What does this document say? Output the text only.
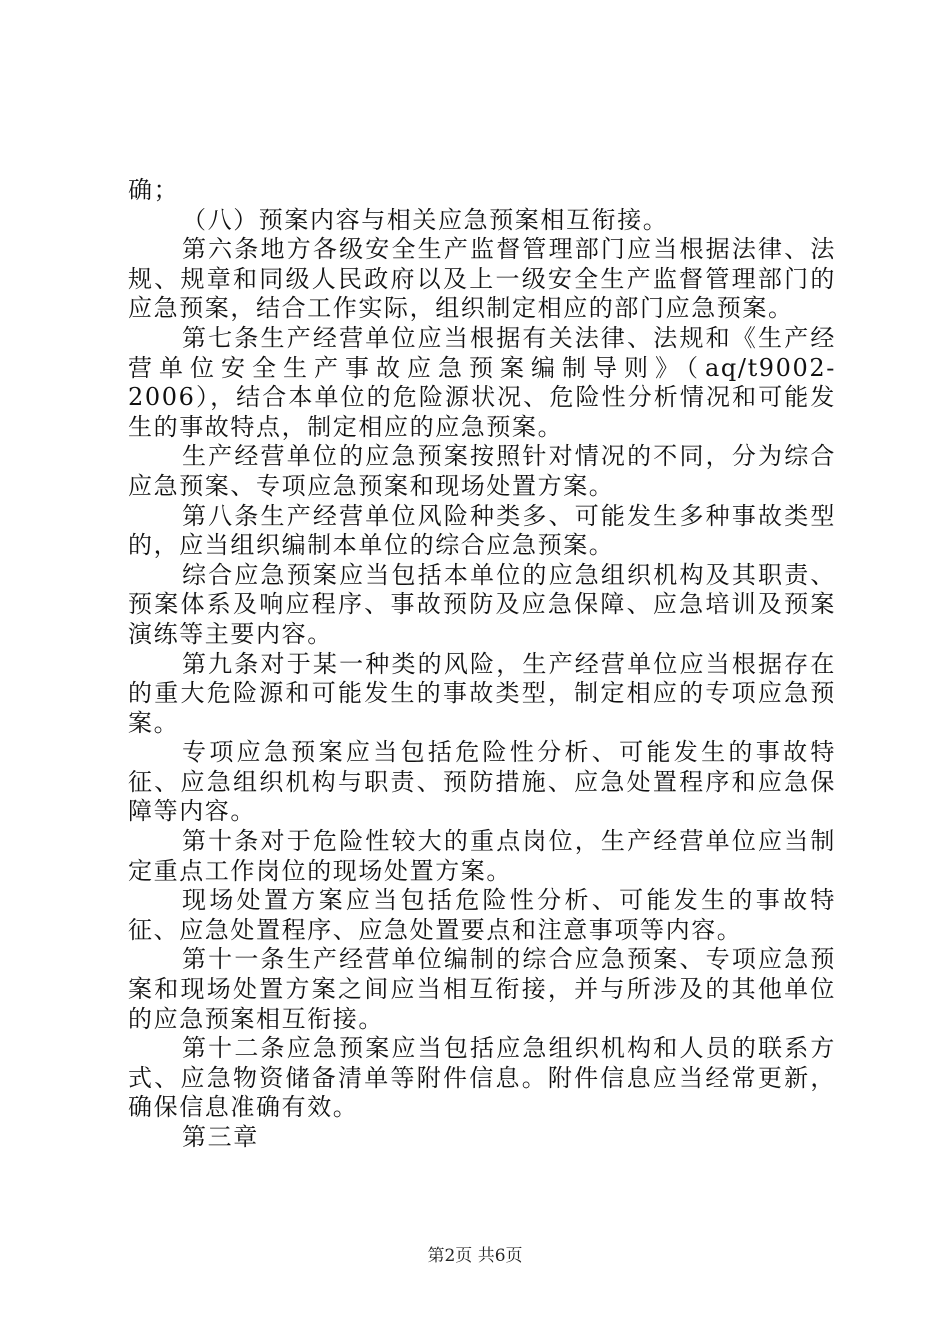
确；

（八）预案内容与相关应急预案相互衔接。

第六条地方各级安全生产监督管理部门应当根据法律、法规、规章和同级人民政府以及上一级安全生产监督管理部门的应急预案，结合工作实际，组织制定相应的部门应急预案。

第七条生产经营单位应当根据有关法律、法规和《生产经营单位安全生产事故应急预案编制导则》（aq/t9002-2006），结合本单位的危险源状况、危险性分析情况和可能发生的事故特点，制定相应的应急预案。

生产经营单位的应急预案按照针对情况的不同，分为综合应急预案、专项应急预案和现场处置方案。

第八条生产经营单位风险种类多、可能发生多种事故类型的，应当组织编制本单位的综合应急预案。

综合应急预案应当包括本单位的应急组织机构及其职责、预案体系及响应程序、事故预防及应急保障、应急培训及预案演练等主要内容。

第九条对于某一种类的风险，生产经营单位应当根据存在的重大危险源和可能发生的事故类型，制定相应的专项应急预案。

专项应急预案应当包括危险性分析、可能发生的事故特征、应急组织机构与职责、预防措施、应急处置程序和应急保障等内容。

第十条对于危险性较大的重点岗位，生产经营单位应当制定重点工作岗位的现场处置方案。

现场处置方案应当包括危险性分析、可能发生的事故特征、应急处置程序、应急处置要点和注意事项等内容。

第十一条生产经营单位编制的综合应急预案、专项应急预案和现场处置方案之间应当相互衔接，并与所涉及的其他单位的应急预案相互衔接。

第十二条应急预案应当包括应急组织机构和人员的联系方式、应急物资储备清单等附件信息。附件信息应当经常更新，确保信息准确有效。

第三章

第2页 共6页
